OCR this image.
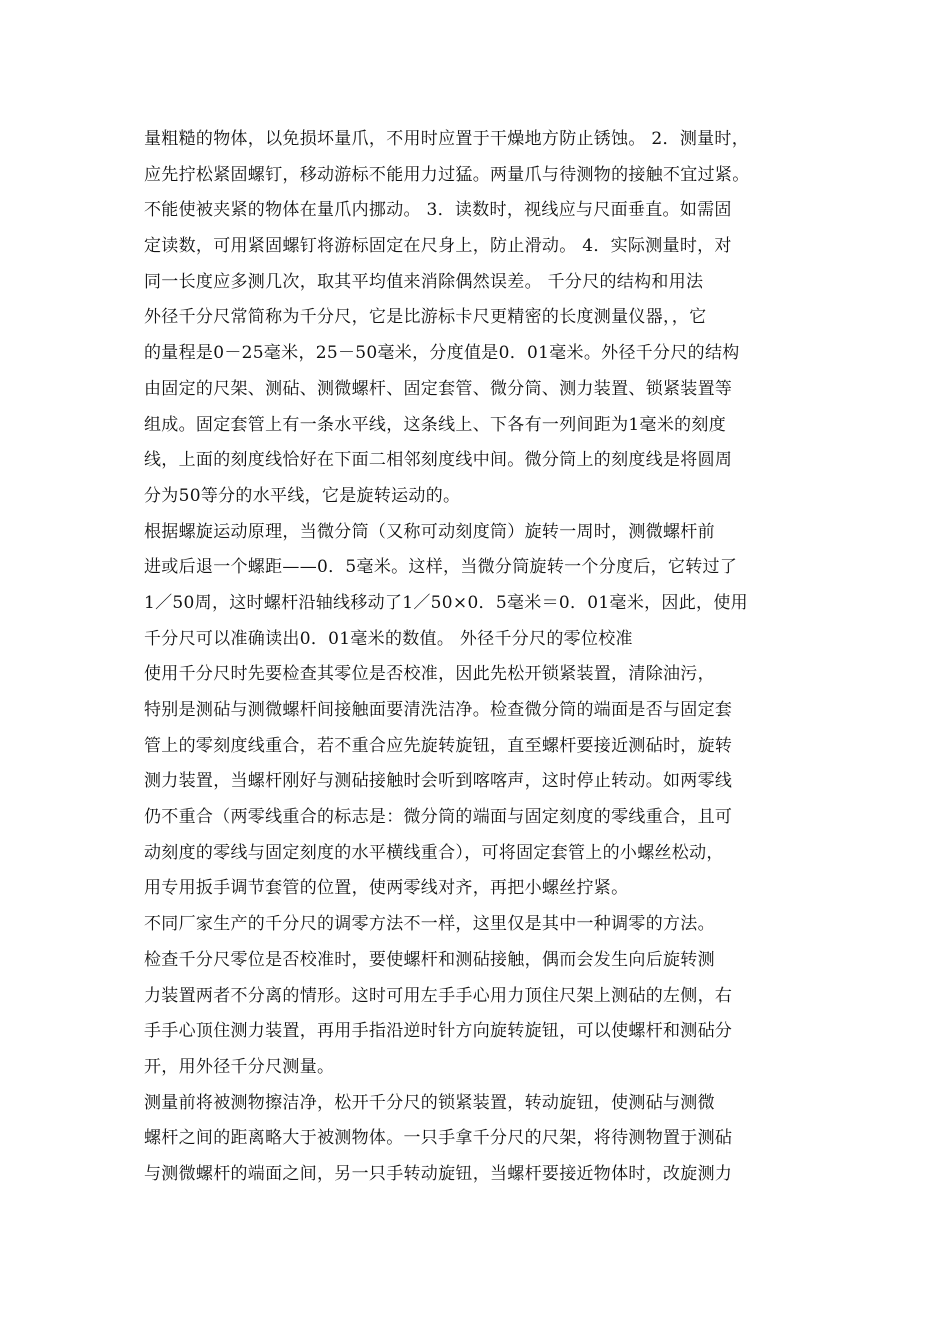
量粗糙的物体，以免损坏量爪，不用时应置于干燥地方防止锈蚀。 2．测量时，
应先拧松紧固螺钉，移动游标不能用力过猛。两量爪与待测物的接触不宜过紧。
不能使被夹紧的物体在量爪内挪动。 3．读数时，视线应与尺面垂直。如需固
定读数，可用紧固螺钉将游标固定在尺身上，防止滑动。 4．实际测量时，对
同一长度应多测几次，取其平均值来消除偶然误差。 千分尺的结构和用法
外径千分尺常简称为千分尺，它是比游标卡尺更精密的长度测量仪器，，它
的量程是0－25毫米，25－50毫米，分度值是0．01毫米。外径千分尺的结构
由固定的尺架、测砧、测微螺杆、固定套管、微分筒、测力装置、锁紧装置等
组成。固定套管上有一条水平线，这条线上、下各有一列间距为1毫米的刻度
线，上面的刻度线恰好在下面二相邻刻度线中间。微分筒上的刻度线是将圆周
分为50等分的水平线，它是旋转运动的。
根据螺旋运动原理，当微分筒（又称可动刻度筒）旋转一周时，测微螺杆前
进或后退一个螺距——0．5毫米。这样，当微分筒旋转一个分度后，它转过了
1／50周，这时螺杆沿轴线移动了1／50×0．5毫米＝0．01毫米，因此，使用
千分尺可以准确读出0．01毫米的数值。 外径千分尺的零位校准
使用千分尺时先要检查其零位是否校准，因此先松开锁紧装置，清除油污，
特别是测砧与测微螺杆间接触面要清洗洁净。检查微分筒的端面是否与固定套
管上的零刻度线重合，若不重合应先旋转旋钮，直至螺杆要接近测砧时，旋转
测力装置，当螺杆刚好与测砧接触时会听到喀喀声，这时停止转动。如两零线
仍不重合（两零线重合的标志是：微分筒的端面与固定刻度的零线重合，且可
动刻度的零线与固定刻度的水平横线重合），可将固定套管上的小螺丝松动，
用专用扳手调节套管的位置，使两零线对齐，再把小螺丝拧紧。
不同厂家生产的千分尺的调零方法不一样，这里仅是其中一种调零的方法。
检查千分尺零位是否校准时，要使螺杆和测砧接触，偶而会发生向后旋转测
力装置两者不分离的情形。这时可用左手手心用力顶住尺架上测砧的左侧，右
手手心顶住测力装置，再用手指沿逆时针方向旋转旋钮，可以使螺杆和测砧分
开，用外径千分尺测量。
测量前将被测物擦洁净，松开千分尺的锁紧装置，转动旋钮，使测砧与测微
螺杆之间的距离略大于被测物体。一只手拿千分尺的尺架，将待测物置于测砧
与测微螺杆的端面之间，另一只手转动旋钮，当螺杆要接近物体时，改旋测力
